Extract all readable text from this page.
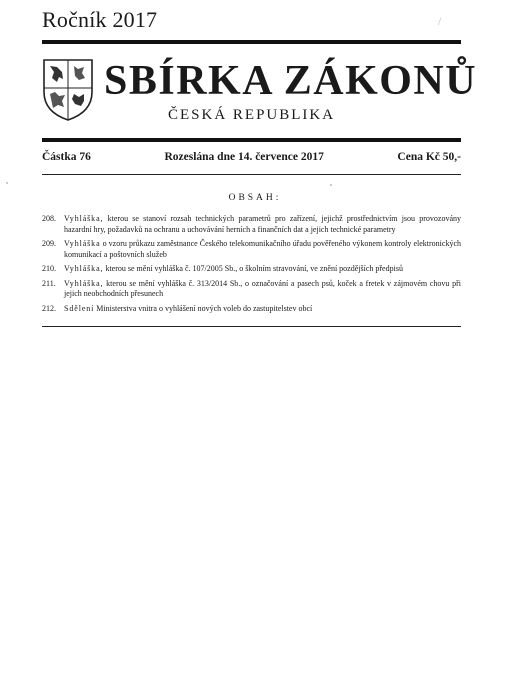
Ročník 2017	/
SBÍRKA ZÁKONŮ
ČESKÁ REPUBLIKA
Částka 76	Rozeslána dne 14. července 2017	Cena Kč 50,-
OBSAH:
208.	Vyhláška, kterou se stanoví rozsah technických parametrů pro zařízení, jejichž prostřednictvím jsou provozovány hazardní hry, požadavků na ochranu a uchovávání herních a finančních dat a jejich technické parametry
209.	Vyhláška o vzoru průkazu zaměstnance Českého telekomunikačního úřadu pověřeného výkonem kontroly elektronických komunikací a poštovních služeb
210.	Vyhláška, kterou se mění vyhláška č. 107/2005 Sb., o školním stravování, ve znění pozdějších předpisů
211.	Vyhláška, kterou se mění vyhláška č. 313/2014 Sb., o označování a pasech psů, koček a fretek v zájmovém chovu při jejich neobchodních přesunech
212.	Sdělení Ministerstva vnitra o vyhlášení nových voleb do zastupitelstev obcí
